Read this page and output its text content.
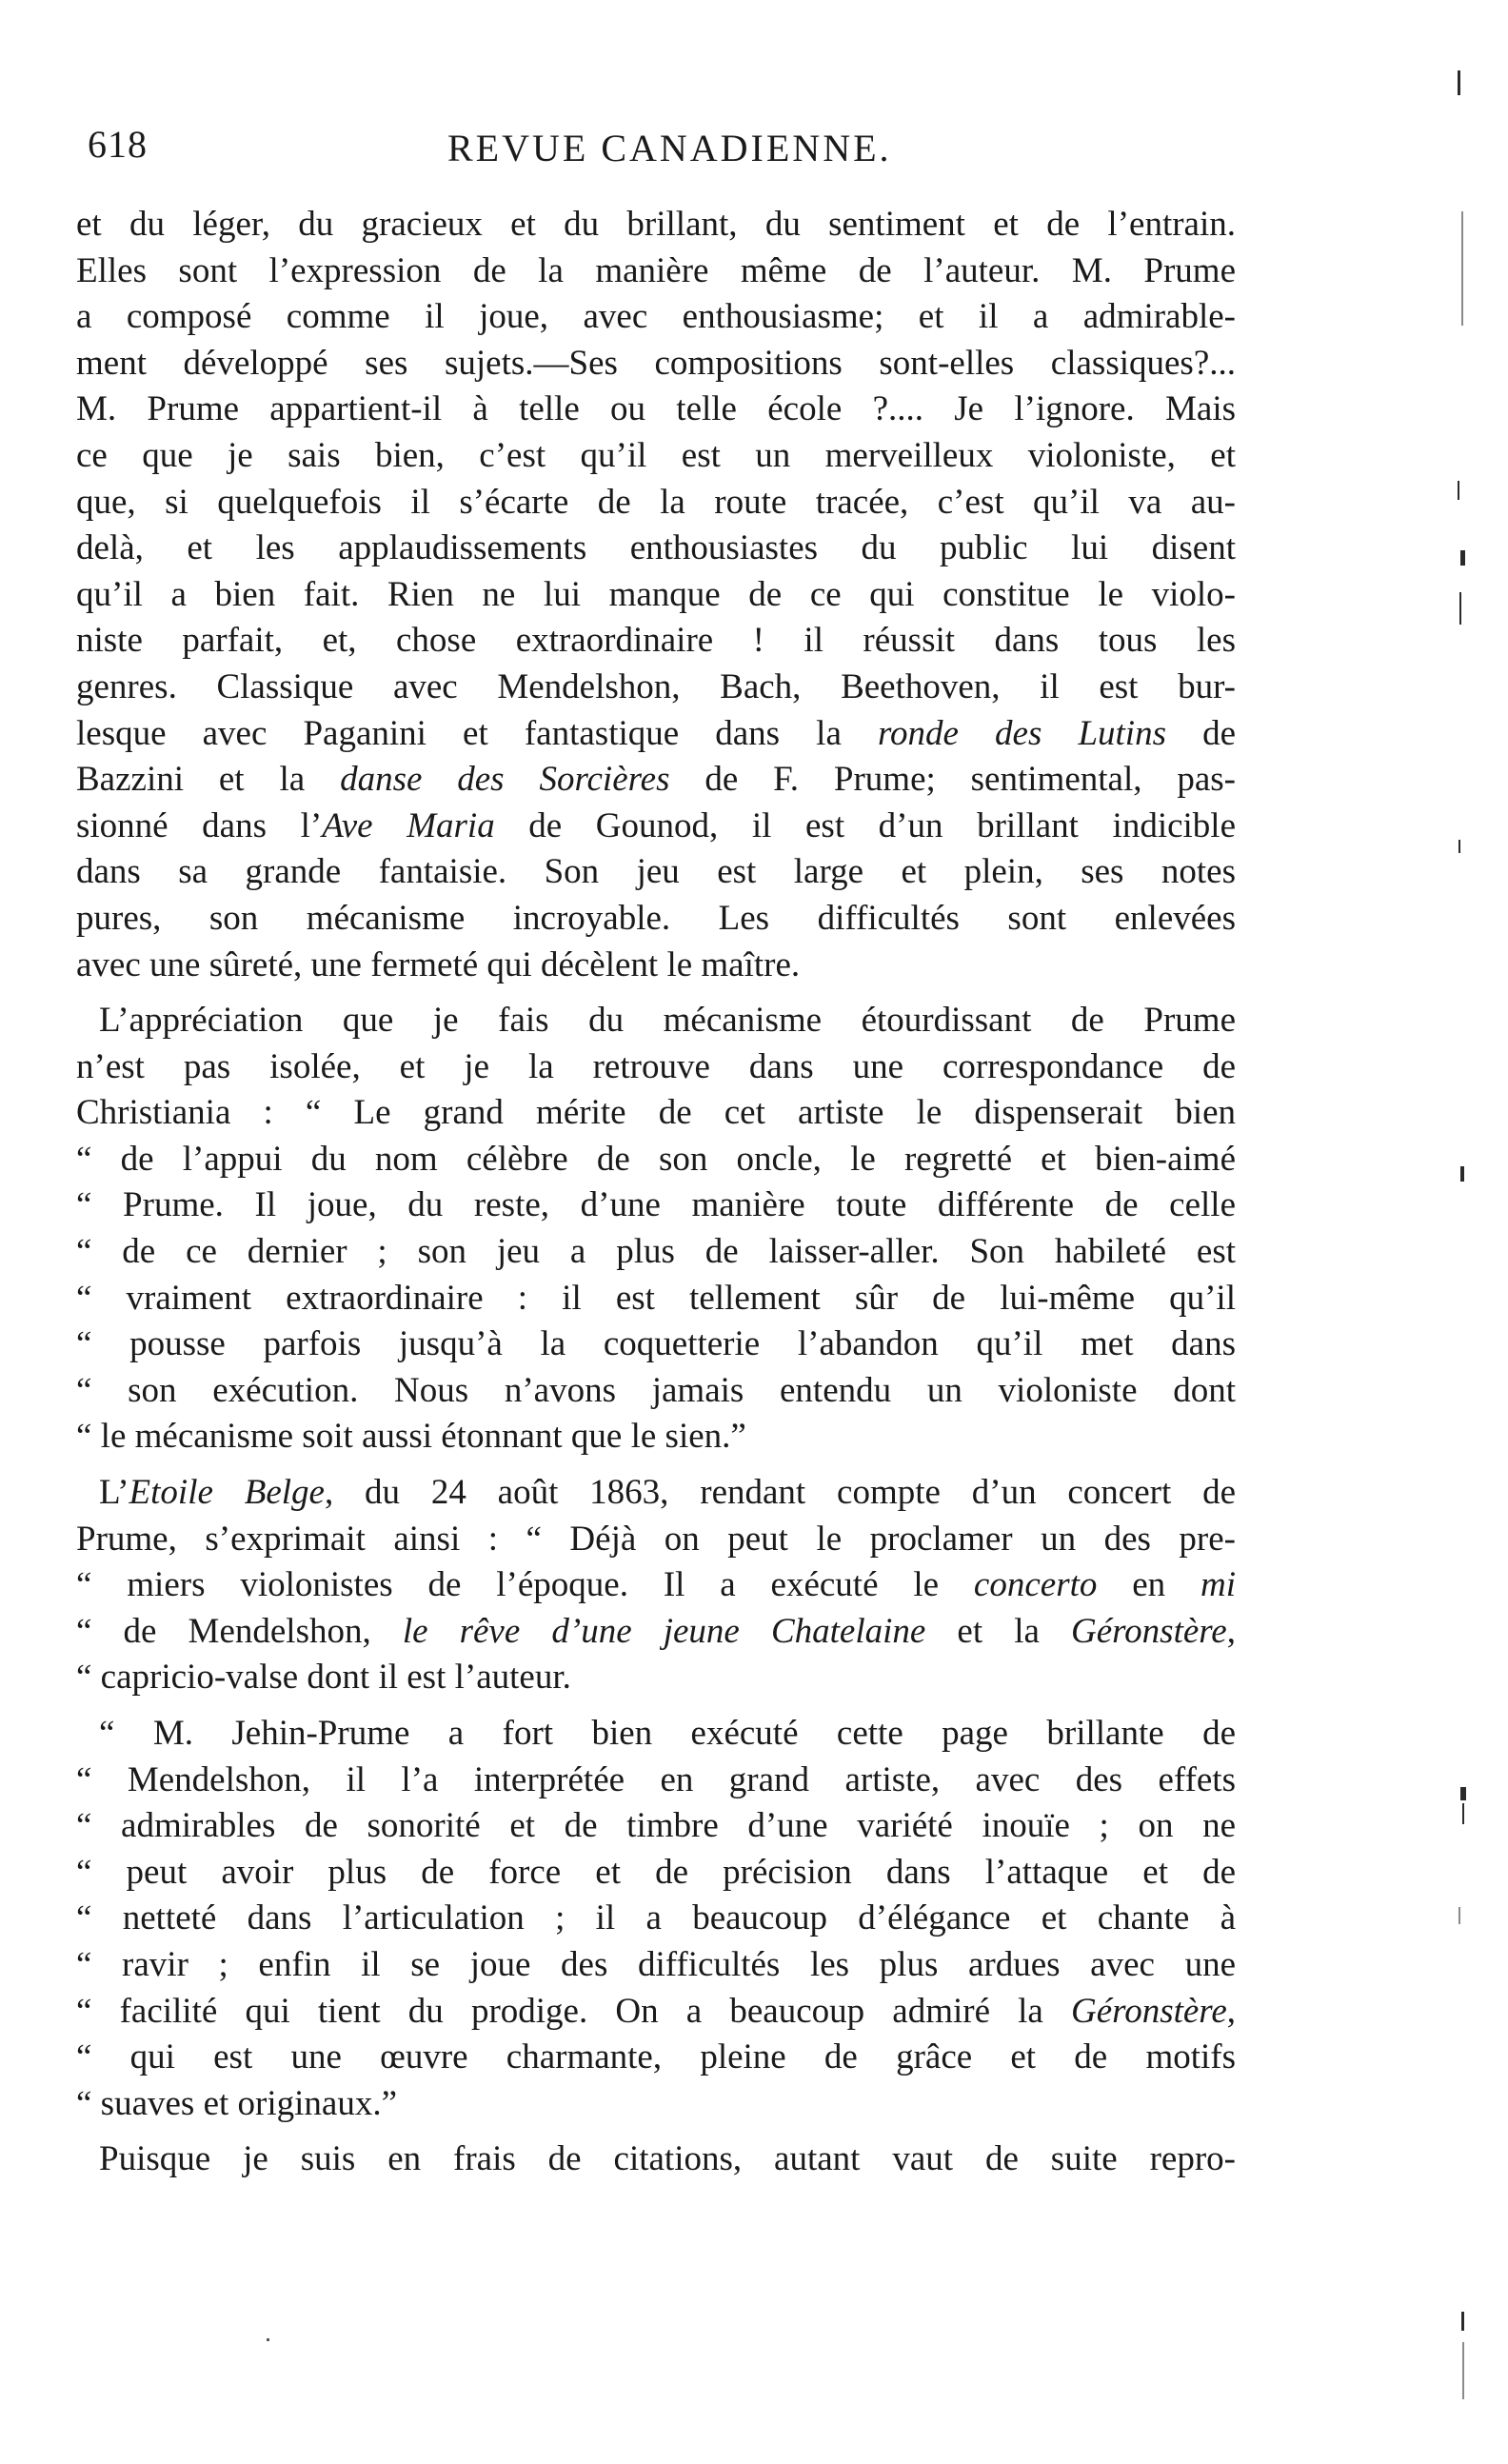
618	REVUE CANADIENNE.
et du léger, du gracieux et du brillant, du sentiment et de l’entrain.
Elles sont l’expression de la manière même de l’auteur. M. Prume
a composé comme il joue, avec enthousiasme; et il a admirable-
ment développé ses sujets.—Ses compositions sont-elles classiques?...
M. Prume appartient-il à telle ou telle école ?.... Je l’ignore. Mais
ce que je sais bien, c’est qu’il est un merveilleux violoniste, et
que, si quelquefois il s’écarte de la route tracée, c’est qu’il va au-
delà, et les applaudissements enthousiastes du public lui disent
qu’il a bien fait. Rien ne lui manque de ce qui constitue le violo-
niste parfait, et, chose extraordinaire ! il réussit dans tous les
genres. Classique avec Mendelshon, Bach, Beethoven, il est bur-
lesque avec Paganini et fantastique dans la ronde des Lutins de
Bazzini et la danse des Sorcières de F. Prume; sentimental, pas-
sionné dans l’Ave Maria de Gounod, il est d’un brillant indicible
dans sa grande fantaisie. Son jeu est large et plein, ses notes
pures, son mécanisme incroyable. Les difficultés sont enlevées
avec une sûreté, une fermeté qui décèlent le maître.
L’appréciation que je fais du mécanisme étourdissant de Prume
n’est pas isolée, et je la retrouve dans une correspondance de
Christiania : “ Le grand mérite de cet artiste le dispenserait bien
“ de l’appui du nom célèbre de son oncle, le regretté et bien-aimé
“ Prume. Il joue, du reste, d’une manière toute différente de celle
“ de ce dernier ; son jeu a plus de laisser-aller. Son habileté est
“ vraiment extraordinaire : il est tellement sûr de lui-même qu’il
“ pousse parfois jusqu’à la coquetterie l’abandon qu’il met dans
“ son exécution. Nous n’avons jamais entendu un violoniste dont
“ le mécanisme soit aussi étonnant que le sien.”
L’Etoile Belge, du 24 août 1863, rendant compte d’un concert de
Prume, s’exprimait ainsi : “ Déjà on peut le proclamer un des pre-
“ miers violonistes de l’époque. Il a exécuté le concerto en mi
“ de Mendelshon, le rêve d’une jeune Chatelaine et la Géronstère,
“ capricio-valse dont il est l’auteur.
“ M. Jehin-Prume a fort bien exécuté cette page brillante de
“ Mendelshon, il l’a interprétée en grand artiste, avec des effets
“ admirables de sonorité et de timbre d’une variété inouïe ; on ne
“ peut avoir plus de force et de précision dans l’attaque et de
“ netteté dans l’articulation ; il a beaucoup d’élégance et chante à
“ ravir ; enfin il se joue des difficultés les plus ardues avec une
“ facilité qui tient du prodige. On a beaucoup admiré la Géronstère,
“ qui est une œuvre charmante, pleine de grâce et de motifs
“ suaves et originaux.”
Puisque je suis en frais de citations, autant vaut de suite repro-
